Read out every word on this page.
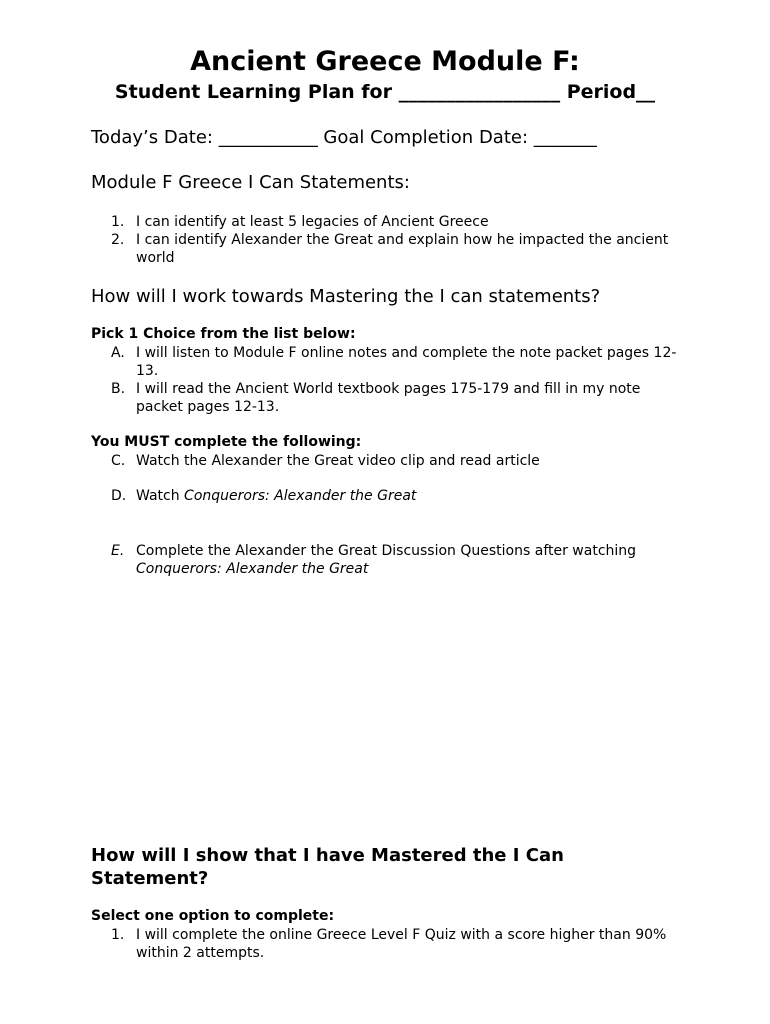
Ancient Greece Module F:
Student Learning Plan for _________________ Period__
Today’s Date: ___________ Goal Completion Date: _______
Module F Greece I Can Statements:
1. I can identify at least 5 legacies of Ancient Greece
2. I can identify Alexander the Great and explain how he impacted the ancient world
How will I work towards Mastering the I can statements?
Pick 1 Choice from the list below:
A. I will listen to Module F online notes and complete the note packet pages 12-13.
B. I will read the Ancient World textbook pages 175-179 and fill in my note packet pages 12-13.
You MUST complete the following:
C. Watch the Alexander the Great video clip and read article
D. Watch Conquerors: Alexander the Great
E. Complete the Alexander the Great Discussion Questions after watching Conquerors: Alexander the Great
How will I show that I have Mastered the I Can Statement?
Select one option to complete:
1. I will complete the online Greece Level F Quiz with a score higher than 90% within 2 attempts.
